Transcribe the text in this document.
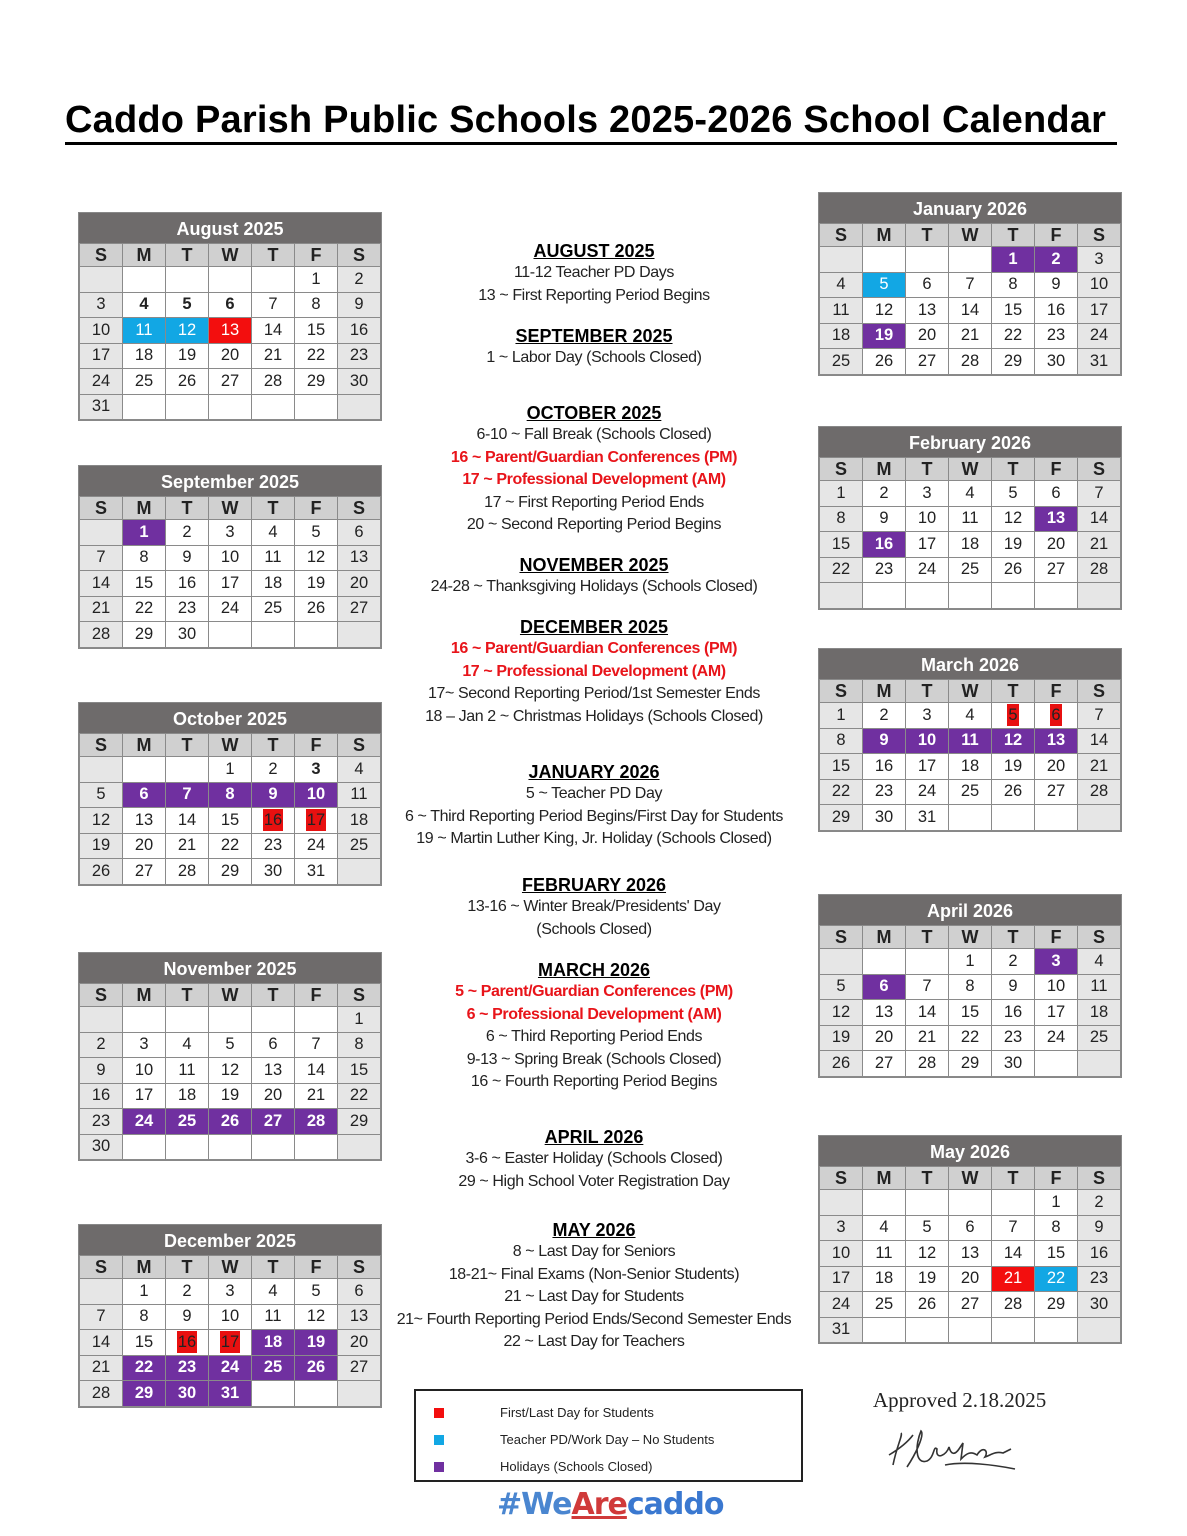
Caddo Parish Public Schools 2025-2026 School Calendar
August 2025
S	M	T	W	T	F	S
					1	2
3	4	5	6	7	8	9
10	11	12	13	14	15	16
17	18	19	20	21	22	23
24	25	26	27	28	29	30
31						
September 2025
S	M	T	W	T	F	S
	1	2	3	4	5	6
7	8	9	10	11	12	13
14	15	16	17	18	19	20
21	22	23	24	25	26	27
28	29	30				
October 2025
S	M	T	W	T	F	S
			1	2	3	4
5	6	7	8	9	10	11
12	13	14	15	16	17	18
19	20	21	22	23	24	25
26	27	28	29	30	31	
November 2025
S	M	T	W	T	F	S
						1
2	3	4	5	6	7	8
9	10	11	12	13	14	15
16	17	18	19	20	21	22
23	24	25	26	27	28	29
30						
December 2025
S	M	T	W	T	F	S
	1	2	3	4	5	6
7	8	9	10	11	12	13
14	15	16	17	18	19	20
21	22	23	24	25	26	27
28	29	30	31			
January 2026
S	M	T	W	T	F	S
				1	2	3
4	5	6	7	8	9	10
11	12	13	14	15	16	17
18	19	20	21	22	23	24
25	26	27	28	29	30	31
February 2026
S	M	T	W	T	F	S
1	2	3	4	5	6	7
8	9	10	11	12	13	14
15	16	17	18	19	20	21
22	23	24	25	26	27	28

March 2026
S	M	T	W	T	F	S
1	2	3	4	5	6	7
8	9	10	11	12	13	14
15	16	17	18	19	20	21
22	23	24	25	26	27	28
29	30	31				
April 2026
S	M	T	W	T	F	S
			1	2	3	4
5	6	7	8	9	10	11
12	13	14	15	16	17	18
19	20	21	22	23	24	25
26	27	28	29	30		
May 2026
S	M	T	W	T	F	S
					1	2
3	4	5	6	7	8	9
10	11	12	13	14	15	16
17	18	19	20	21	22	23
24	25	26	27	28	29	30
31						
AUGUST 2025
11-12 Teacher PD Days
13 ~ First Reporting Period Begins
SEPTEMBER 2025
1 ~ Labor Day (Schools Closed)
OCTOBER 2025
6-10 ~ Fall Break (Schools Closed)
16 ~ Parent/Guardian Conferences (PM)
17 ~ Professional Development (AM)
17 ~ First Reporting Period Ends
20 ~ Second Reporting Period Begins
NOVEMBER 2025
24-28 ~ Thanksgiving Holidays (Schools Closed)
DECEMBER 2025
16 ~ Parent/Guardian Conferences (PM)
17 ~ Professional Development (AM)
17~ Second Reporting Period/1st Semester Ends
18 – Jan 2 ~ Christmas Holidays (Schools Closed)
JANUARY 2026
5 ~ Teacher PD Day
6 ~ Third Reporting Period Begins/First Day for Students
19 ~ Martin Luther King, Jr. Holiday (Schools Closed)
FEBRUARY 2026
13-16 ~ Winter Break/Presidents' Day
(Schools Closed)
MARCH 2026
5 ~ Parent/Guardian Conferences (PM)
6 ~ Professional Development (AM)
6 ~ Third Reporting Period Ends
9-13 ~ Spring Break (Schools Closed)
16 ~ Fourth Reporting Period Begins
APRIL 2026
3-6 ~ Easter Holiday (Schools Closed)
29 ~ High School Voter Registration Day
MAY 2026
8 ~ Last Day for Seniors
18-21~ Final Exams (Non-Senior Students)
21 ~ Last Day for Students
21~ Fourth Reporting Period Ends/Second Semester Ends
22 ~ Last Day for Teachers
First/Last Day for Students
Teacher PD/Work Day – No Students
Holidays (Schools Closed)
#WeArecaddo
Approved 2.18.2025
